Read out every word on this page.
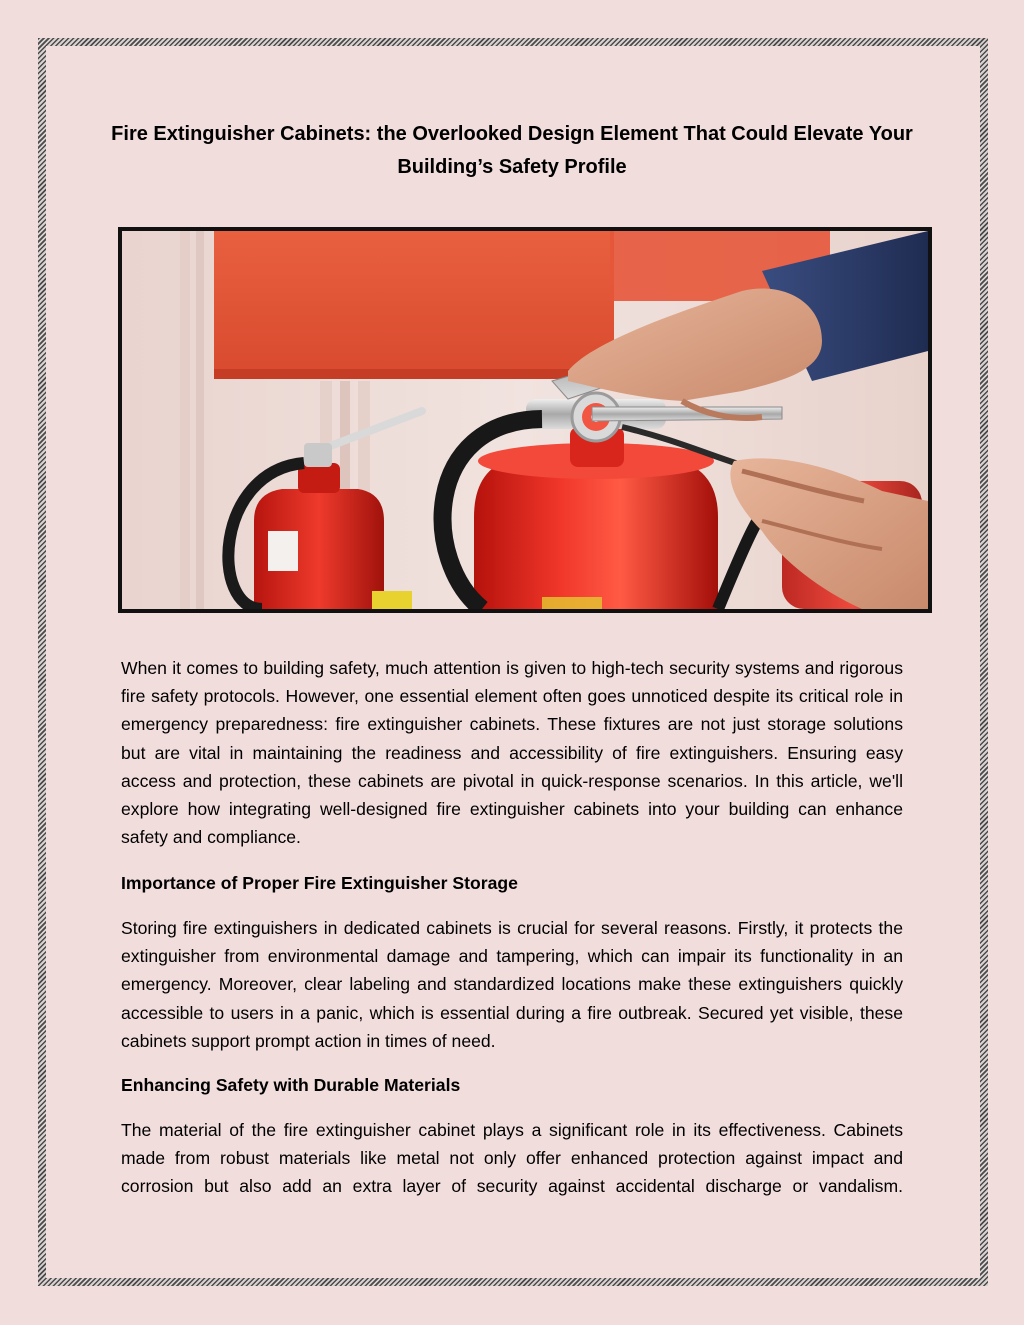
Fire Extinguisher Cabinets: the Overlooked Design Element That Could Elevate Your Building’s Safety Profile

When it comes to building safety, much attention is given to high-tech security systems and rigorous fire safety protocols. However, one essential element often goes unnoticed despite its critical role in emergency preparedness: fire extinguisher cabinets. These fixtures are not just storage solutions but are vital in maintaining the readiness and accessibility of fire extinguishers. Ensuring easy access and protection, these cabinets are pivotal in quick-response scenarios. In this article, we'll explore how integrating well-designed fire extinguisher cabinets into your building can enhance safety and compliance.

Importance of Proper Fire Extinguisher Storage

Storing fire extinguishers in dedicated cabinets is crucial for several reasons. Firstly, it protects the extinguisher from environmental damage and tampering, which can impair its functionality in an emergency. Moreover, clear labeling and standardized locations make these extinguishers quickly accessible to users in a panic, which is essential during a fire outbreak. Secured yet visible, these cabinets support prompt action in times of need.

Enhancing Safety with Durable Materials

The material of the fire extinguisher cabinet plays a significant role in its effectiveness. Cabinets made from robust materials like metal not only offer enhanced protection against impact and corrosion but also add an extra layer of security against accidental discharge or vandalism.
